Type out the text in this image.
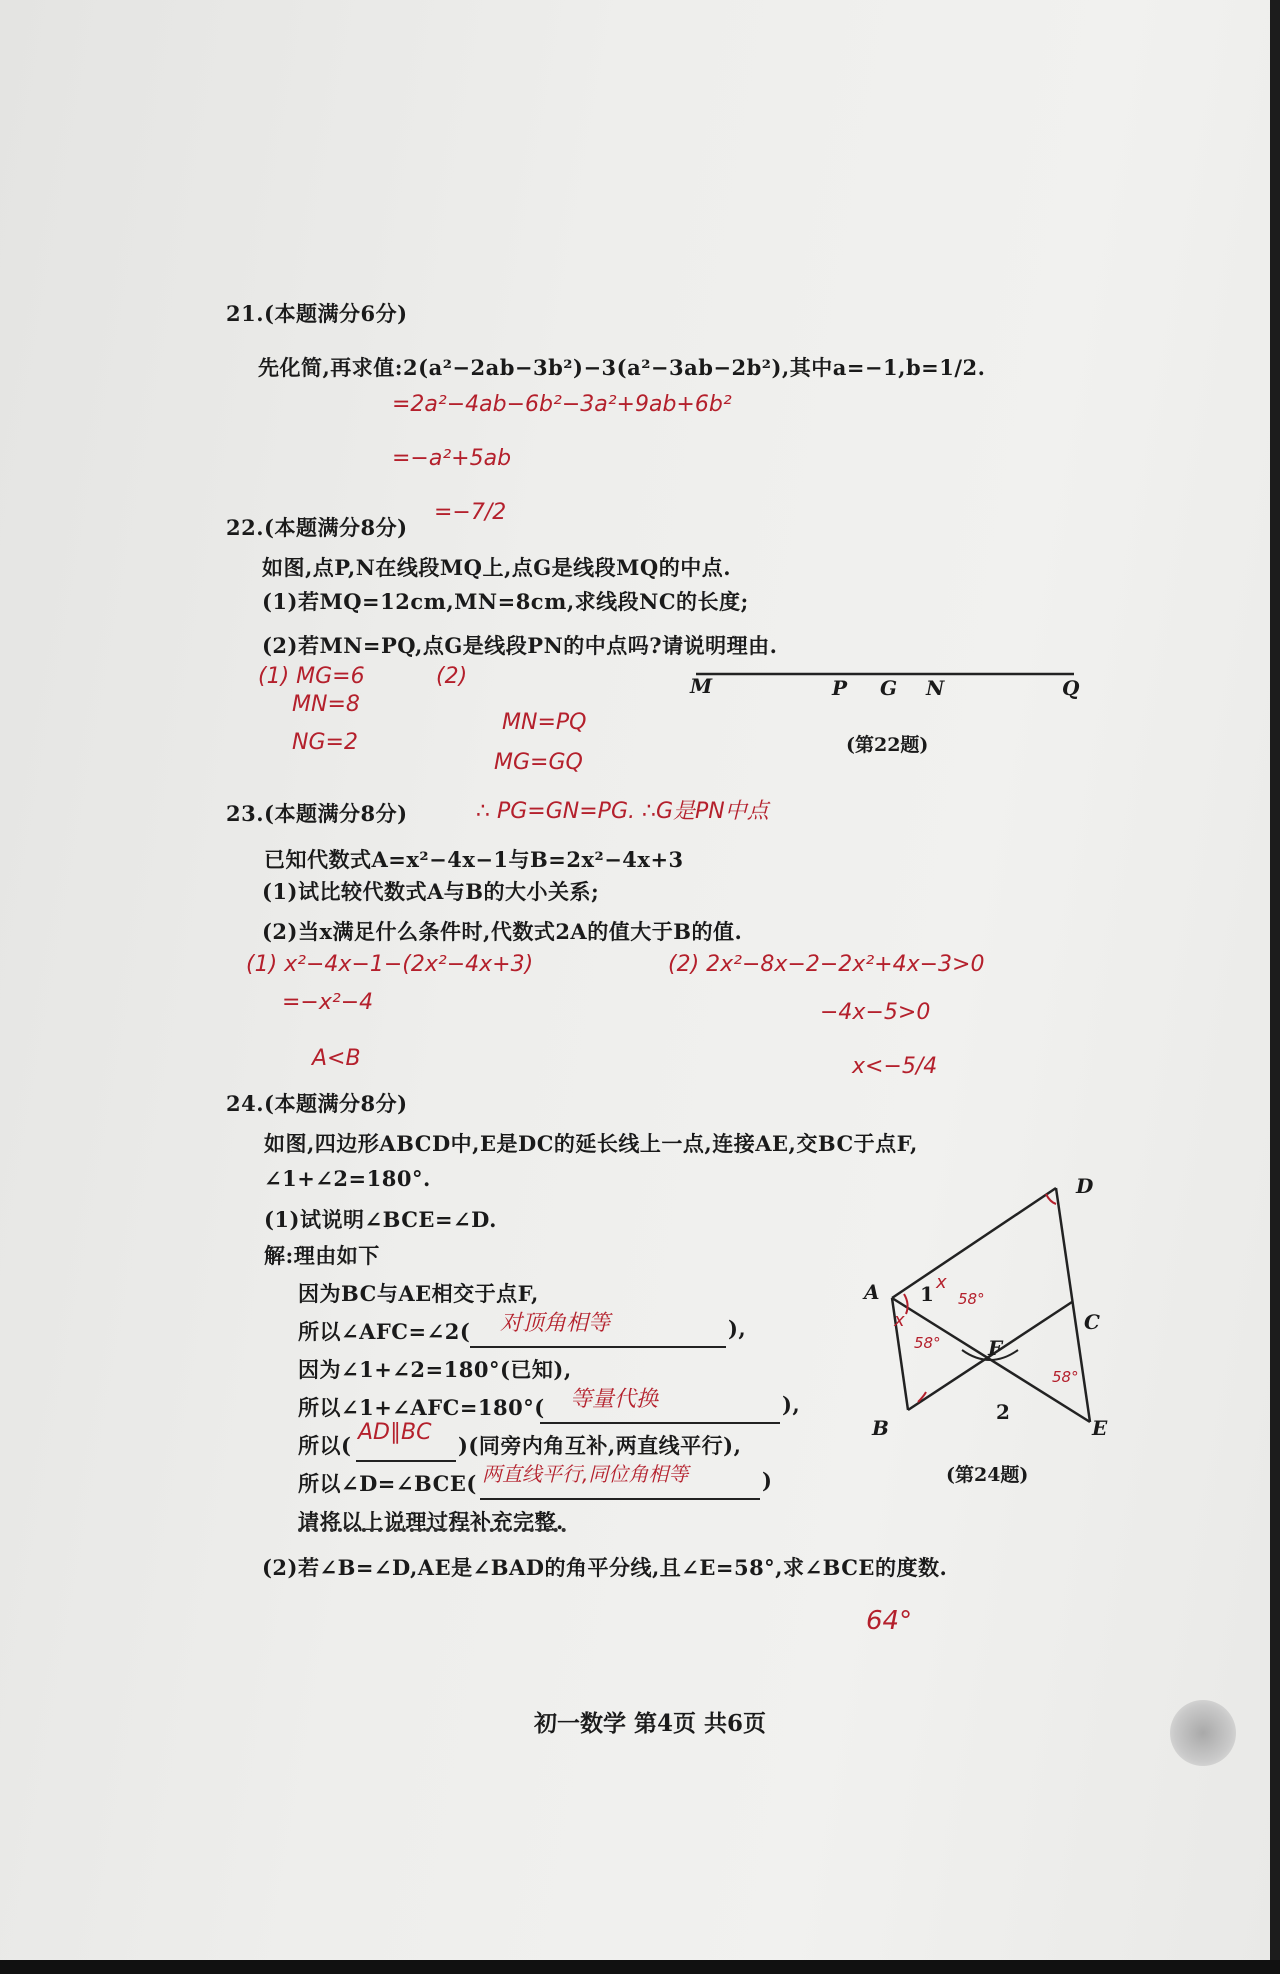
21.(本题满分6分)
先化简,再求值:2(a²−2ab−3b²)−3(a²−3ab−2b²),其中a=−1,b=1/2.
=2a²−4ab−6b²−3a²+9ab+6b²
=−a²+5ab
=−7/2
22.(本题满分8分)
如图,点P,N在线段MQ上,点G是线段MQ的中点.
(1)若MQ=12cm,MN=8cm,求线段NC的长度;
(2)若MN=PQ,点G是线段PN的中点吗?请说明理由.
(1) MG=6
MN=8
NG=2
(2)
MN=PQ
MG=GQ
∴ PG=GN=PG. ∴G是PN中点
M	P G N	Q
(第22题)
23.(本题满分8分)
已知代数式A=x²−4x−1与B=2x²−4x+3
(1)试比较代数式A与B的大小关系;
(2)当x满足什么条件时,代数式2A的值大于B的值.
(1) x²−4x−1−(2x²−4x+3)
=−x²−4
A<B
(2) 2x²−8x−2−2x²+4x−3>0
−4x−5>0
x<−5/4
24.(本题满分8分)
如图,四边形ABCD中,E是DC的延长线上一点,连接AE,交BC于点F,
∠1+∠2=180°.
(1)试说明∠BCE=∠D.
解:理由如下
因为BC与AE相交于点F,
所以∠AFC=∠2( 对顶角相等	),
因为∠1+∠2=180°(已知),
所以∠1+∠AFC=180°( 等量代换	),
所以(
AD∥BC
)(同旁内角互补,两直线平行),
所以∠D=∠BCE( 两直线平行,同位角相等	)
请将以上说理过程补充完整.
(2)若∠B=∠D,AE是∠BAD的角平分线,且∠E=58°,求∠BCE的度数.
64°
D
A
C
F
B	E
1
2
x
58°
x
58°
58°
(第24题)
初一数学 第4页 共6页
